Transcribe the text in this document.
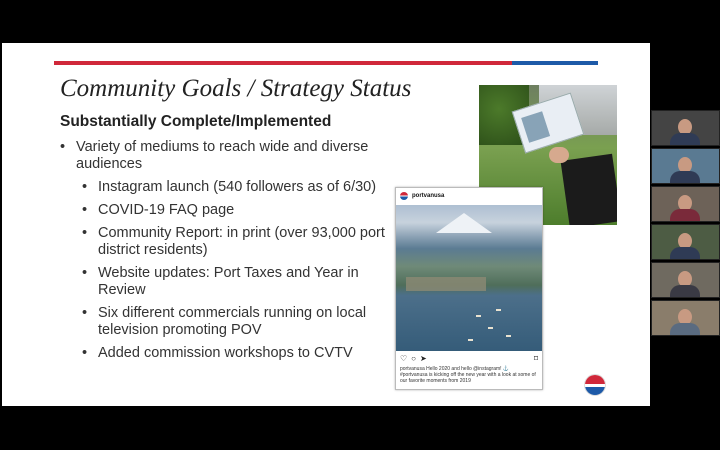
Community Goals / Strategy Status
Substantially Complete/Implemented
• Variety of mediums to reach wide and diverse audiences
• Instagram launch (540 followers as of 6/30)
• COVID-19 FAQ page
• Community Report: in print (over 93,000 port district residents)
• Website updates: Port Taxes and Year in Review
• Six different commercials running on local television promoting POV
• Added commission workshops to CVTV
portvanusa
♡ ○ ➤	⌑
portvanusa Hello 2020 and hello @instagram! ⚓ #portvanusa is kicking off the new year with a look at some of our favorite moments from 2019
